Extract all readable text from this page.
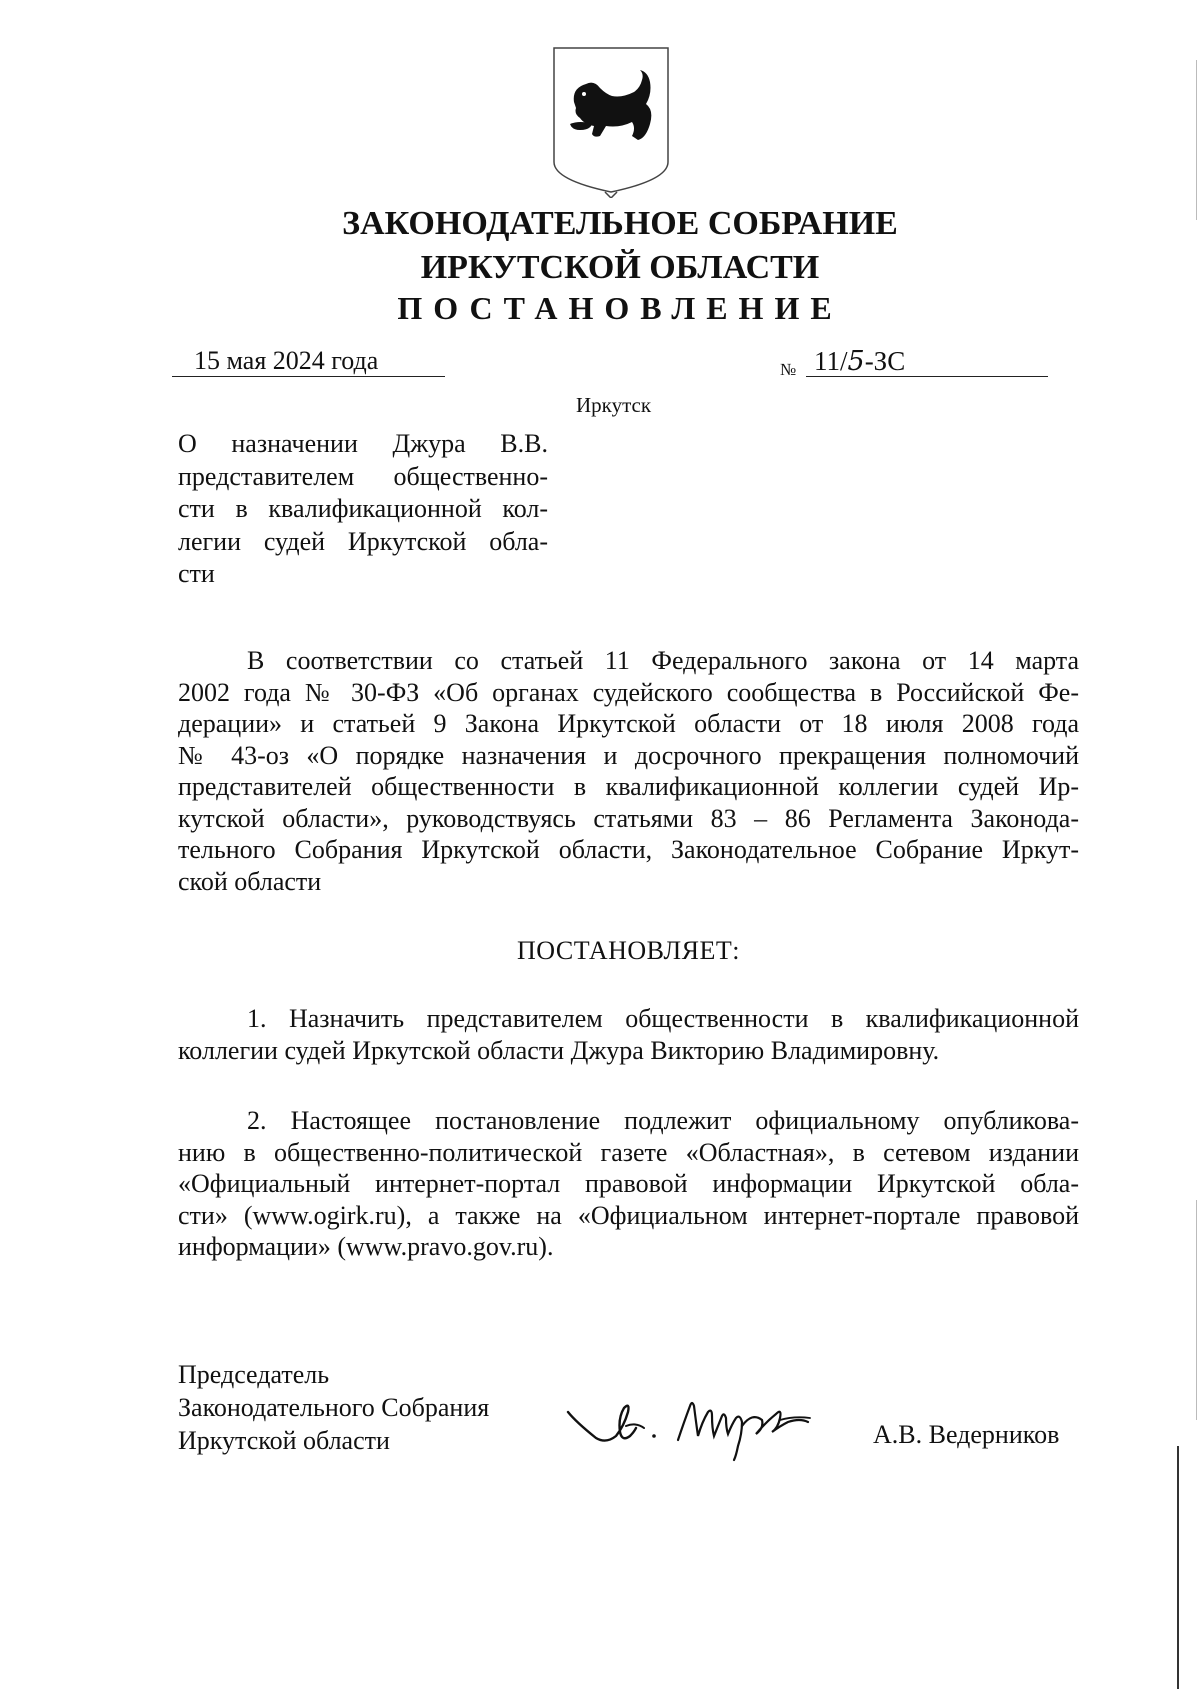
ЗАКОНОДАТЕЛЬНОЕ СОБРАНИЕ

ИРКУТСКОЙ ОБЛАСТИ

ПОСТАНОВЛЕНИЕ

15 мая 2024 года	№ 11/5-ЗС
Иркутск
О назначении Джура В.В.
представителем общественно-
сти в квалификационной кол-
легии судей Иркутской обла-
сти
В соответствии со статьей 11 Федерального закона от 14 марта
2002 года № 30-ФЗ «Об органах судейского сообщества в Российской Фе-
дерации» и статьей 9 Закона Иркутской области от 18 июля 2008 года
№ 43-оз «О порядке назначения и досрочного прекращения полномочий
представителей общественности в квалификационной коллегии судей Ир-
кутской области», руководствуясь статьями 83 – 86 Регламента Законода-
тельного Собрания Иркутской области, Законодательное Собрание Иркут-
ской области

ПОСТАНОВЛЯЕТ:

1. Назначить представителем общественности в квалификационной
коллегии судей Иркутской области Джура Викторию Владимировну.
2. Настоящее постановление подлежит официальному опубликова-
нию в общественно-политической газете «Областная», в сетевом издании
«Официальный интернет-портал правовой информации Иркутской обла-
сти» (www.ogirk.ru), а также на «Официальном интернет-портале правовой
информации» (www.pravo.gov.ru).
Председатель
Законодательного Собрания
Иркутской области	А.В. Ведерников
